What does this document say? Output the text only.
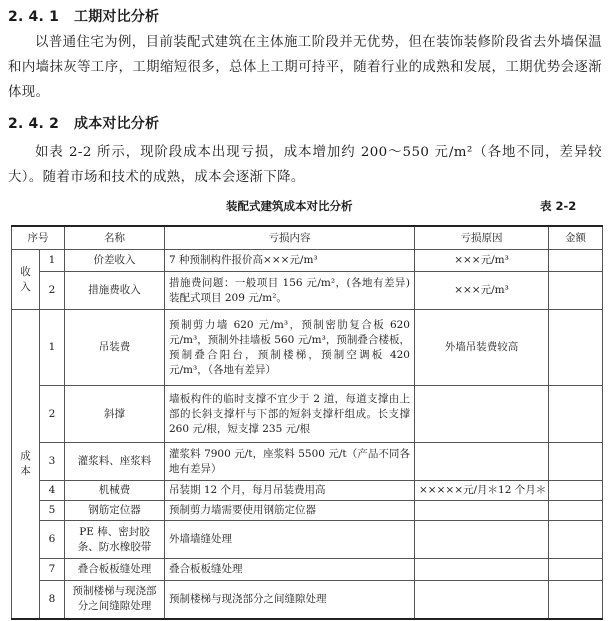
2. 4. 1 工期对比分析
以普通住宅为例，目前装配式建筑在主体施工阶段并无优势，但在装饰装修阶段省去外墙保温和内墙抹灰等工序，工期缩短很多，总体上工期可持平，随着行业的成熟和发展，工期优势会逐渐体现。
2. 4. 2 成本对比分析
如表 2-2 所示，现阶段成本出现亏损，成本增加约 200～550 元/m²（各地不同，差异较大）。随着市场和技术的成熟，成本会逐渐下降。
装配式建筑成本对比分析	表 2-2
序号		名称	亏损内容	亏损原因	金额
收入	1	价差收入	7 种预制构件报价高×××元/m³	×××元/m³	
	2	措施费收入	措施费问题：一般项目 156 元/m²，(各地有差异) 装配式项目 209 元/m²。	×××元/m³	
成本	1	吊装费	预制剪力墙 620 元/m³，预制密肋复合板 620 元/m³，预制外挂墙板 560 元/m³，预制叠合楼板，预制叠合阳台，预制楼梯，预制空调板 420 元/m³，（各地有差异）	外墙吊装费较高	
	2	斜撑	墙板构件的临时支撑不宜少于 2 道，每道支撑由上部的长斜支撑杆与下部的短斜支撑杆组成。长支撑 260 元/根，短支撑 235 元/根		
	3	灌浆料、座浆料	灌浆料 7900 元/t，座浆料 5500 元/t（产品不同各地有差异）		
	4	机械费	吊装期 12 个月，每月吊装费用高	×××××元/月＊12 个月＊	
	5	钢筋定位器	预制剪力墙需要使用钢筋定位器		
	6	PE 棒、密封胶条、防水橡胶带	外墙墙缝处理		
	7	叠合板板缝处理	叠合板板缝处理		
	8	预制楼梯与现浇部分之间缝隙处理	预制楼梯与现浇部分之间缝隙处理		
